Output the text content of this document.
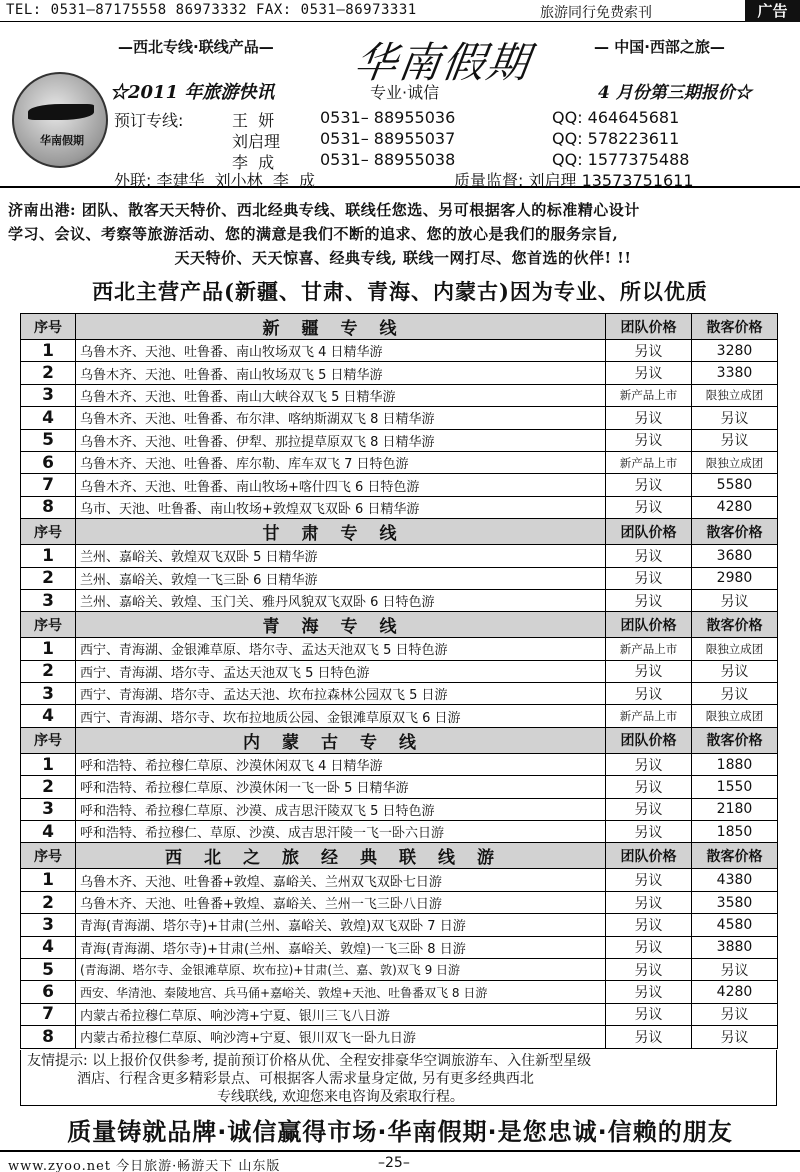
TEL: 0531–87175558 86973332 FAX: 0531–86973331	旅游同行免费索刊	广告
—西北专线·联线产品— 华南假期	— 中国·西部之旅—
华南假期
☆2011 年旅游快讯	专业·诚信	4 月份第三期报价☆
预订专线:	王  妍	0531– 88955036	QQ: 464645681
刘启理 0531– 88955037	QQ: 578223611
李  成	0531– 88955038	QQ: 1577375488
外联: 李建华  刘小林  李  成	质量监督: 刘启理 13573751611

济南出港: 团队、散客天天特价、西北经典专线、联线任您选、另可根据客人的标准精心设计

学习、会议、考察等旅游活动、您的满意是我们不断的追求、您的放心是我们的服务宗旨,

天天特价、天天惊喜、经典专线, 联线一网打尽、您首选的伙伴! !!

西北主营产品(新疆、甘肃、青海、内蒙古)因为专业、所以优质
序号	新疆专线	团队价格	散客价格
1	乌鲁木齐、天池、吐鲁番、南山牧场双飞 4 日精华游	另议	3280
2	乌鲁木齐、天池、吐鲁番、南山牧场双飞 5 日精华游	另议	3380
3	乌鲁木齐、天池、吐鲁番、南山大峡谷双飞 5 日精华游	新产品上市	限独立成团
4	乌鲁木齐、天池、吐鲁番、布尔津、喀纳斯湖双飞 8 日精华游	另议	另议
5	乌鲁木齐、天池、吐鲁番、伊犁、那拉提草原双飞 8 日精华游	另议	另议
6	乌鲁木齐、天池、吐鲁番、库尔勒、库车双飞 7 日特色游	新产品上市	限独立成团
7	乌鲁木齐、天池、吐鲁番、南山牧场+喀什四飞 6 日特色游	另议	5580
8	乌市、天池、吐鲁番、南山牧场+敦煌双飞双卧 6 日精华游	另议	4280
序号	甘肃专线	团队价格	散客价格
1	兰州、嘉峪关、敦煌双飞双卧 5 日精华游	另议	3680
2	兰州、嘉峪关、敦煌一飞三卧 6 日精华游	另议	2980
3	兰州、嘉峪关、敦煌、玉门关、雅丹风貌双飞双卧 6 日特色游	另议	另议
序号	青海专线	团队价格	散客价格
1	西宁、青海湖、金银滩草原、塔尔寺、孟达天池双飞 5 日特色游	新产品上市	限独立成团
2	西宁、青海湖、塔尔寺、孟达天池双飞 5 日特色游	另议	另议
3	西宁、青海湖、塔尔寺、孟达天池、坎布拉森林公园双飞 5 日游	另议	另议
4	西宁、青海湖、塔尔寺、坎布拉地质公园、金银滩草原双飞 6 日游	新产品上市	限独立成团
序号	内蒙古专线	团队价格	散客价格
1	呼和浩特、希拉穆仁草原、沙漠休闲双飞 4 日精华游	另议	1880
2	呼和浩特、希拉穆仁草原、沙漠休闲一飞一卧 5 日精华游	另议	1550
3	呼和浩特、希拉穆仁草原、沙漠、成吉思汗陵双飞 5 日特色游	另议	2180
4	呼和浩特、希拉穆仁、草原、沙漠、成吉思汗陵一飞一卧六日游	另议	1850
序号	西北之旅经典联线游	团队价格	散客价格
1	乌鲁木齐、天池、吐鲁番+敦煌、嘉峪关、兰州双飞双卧七日游	另议	4380
2	乌鲁木齐、天池、吐鲁番+敦煌、嘉峪关、兰州一飞三卧八日游	另议	3580
3	青海(青海湖、塔尔寺)+甘肃(兰州、嘉峪关、敦煌)双飞双卧 7 日游	另议	4580
4	青海(青海湖、塔尔寺)+甘肃(兰州、嘉峪关、敦煌)一飞三卧 8 日游	另议	3880
5	(青海湖、塔尔寺、金银滩草原、坎布拉)+甘肃(兰、嘉、敦)双飞 9 日游	另议	另议
6	西安、华清池、秦陵地宫、兵马俑+嘉峪关、敦煌+天池、吐鲁番双飞 8 日游	另议	4280
7	内蒙古希拉穆仁草原、响沙湾+宁夏、银川三飞八日游	另议	另议
8	内蒙古希拉穆仁草原、响沙湾+宁夏、银川双飞一卧九日游	另议	另议
友情提示: 以上报价仅供参考, 提前预订价格从优、全程安排豪华空调旅游车、入住新型星级
酒店、行程含更多精彩景点、可根据客人需求量身定做, 另有更多经典西北
专线联线, 欢迎您来电咨询及索取行程。
质量铸就品牌·诚信赢得市场·华南假期·是您忠诚·信赖的朋友
www.zyoo.net 今日旅游·畅游天下 山东版	–25–
